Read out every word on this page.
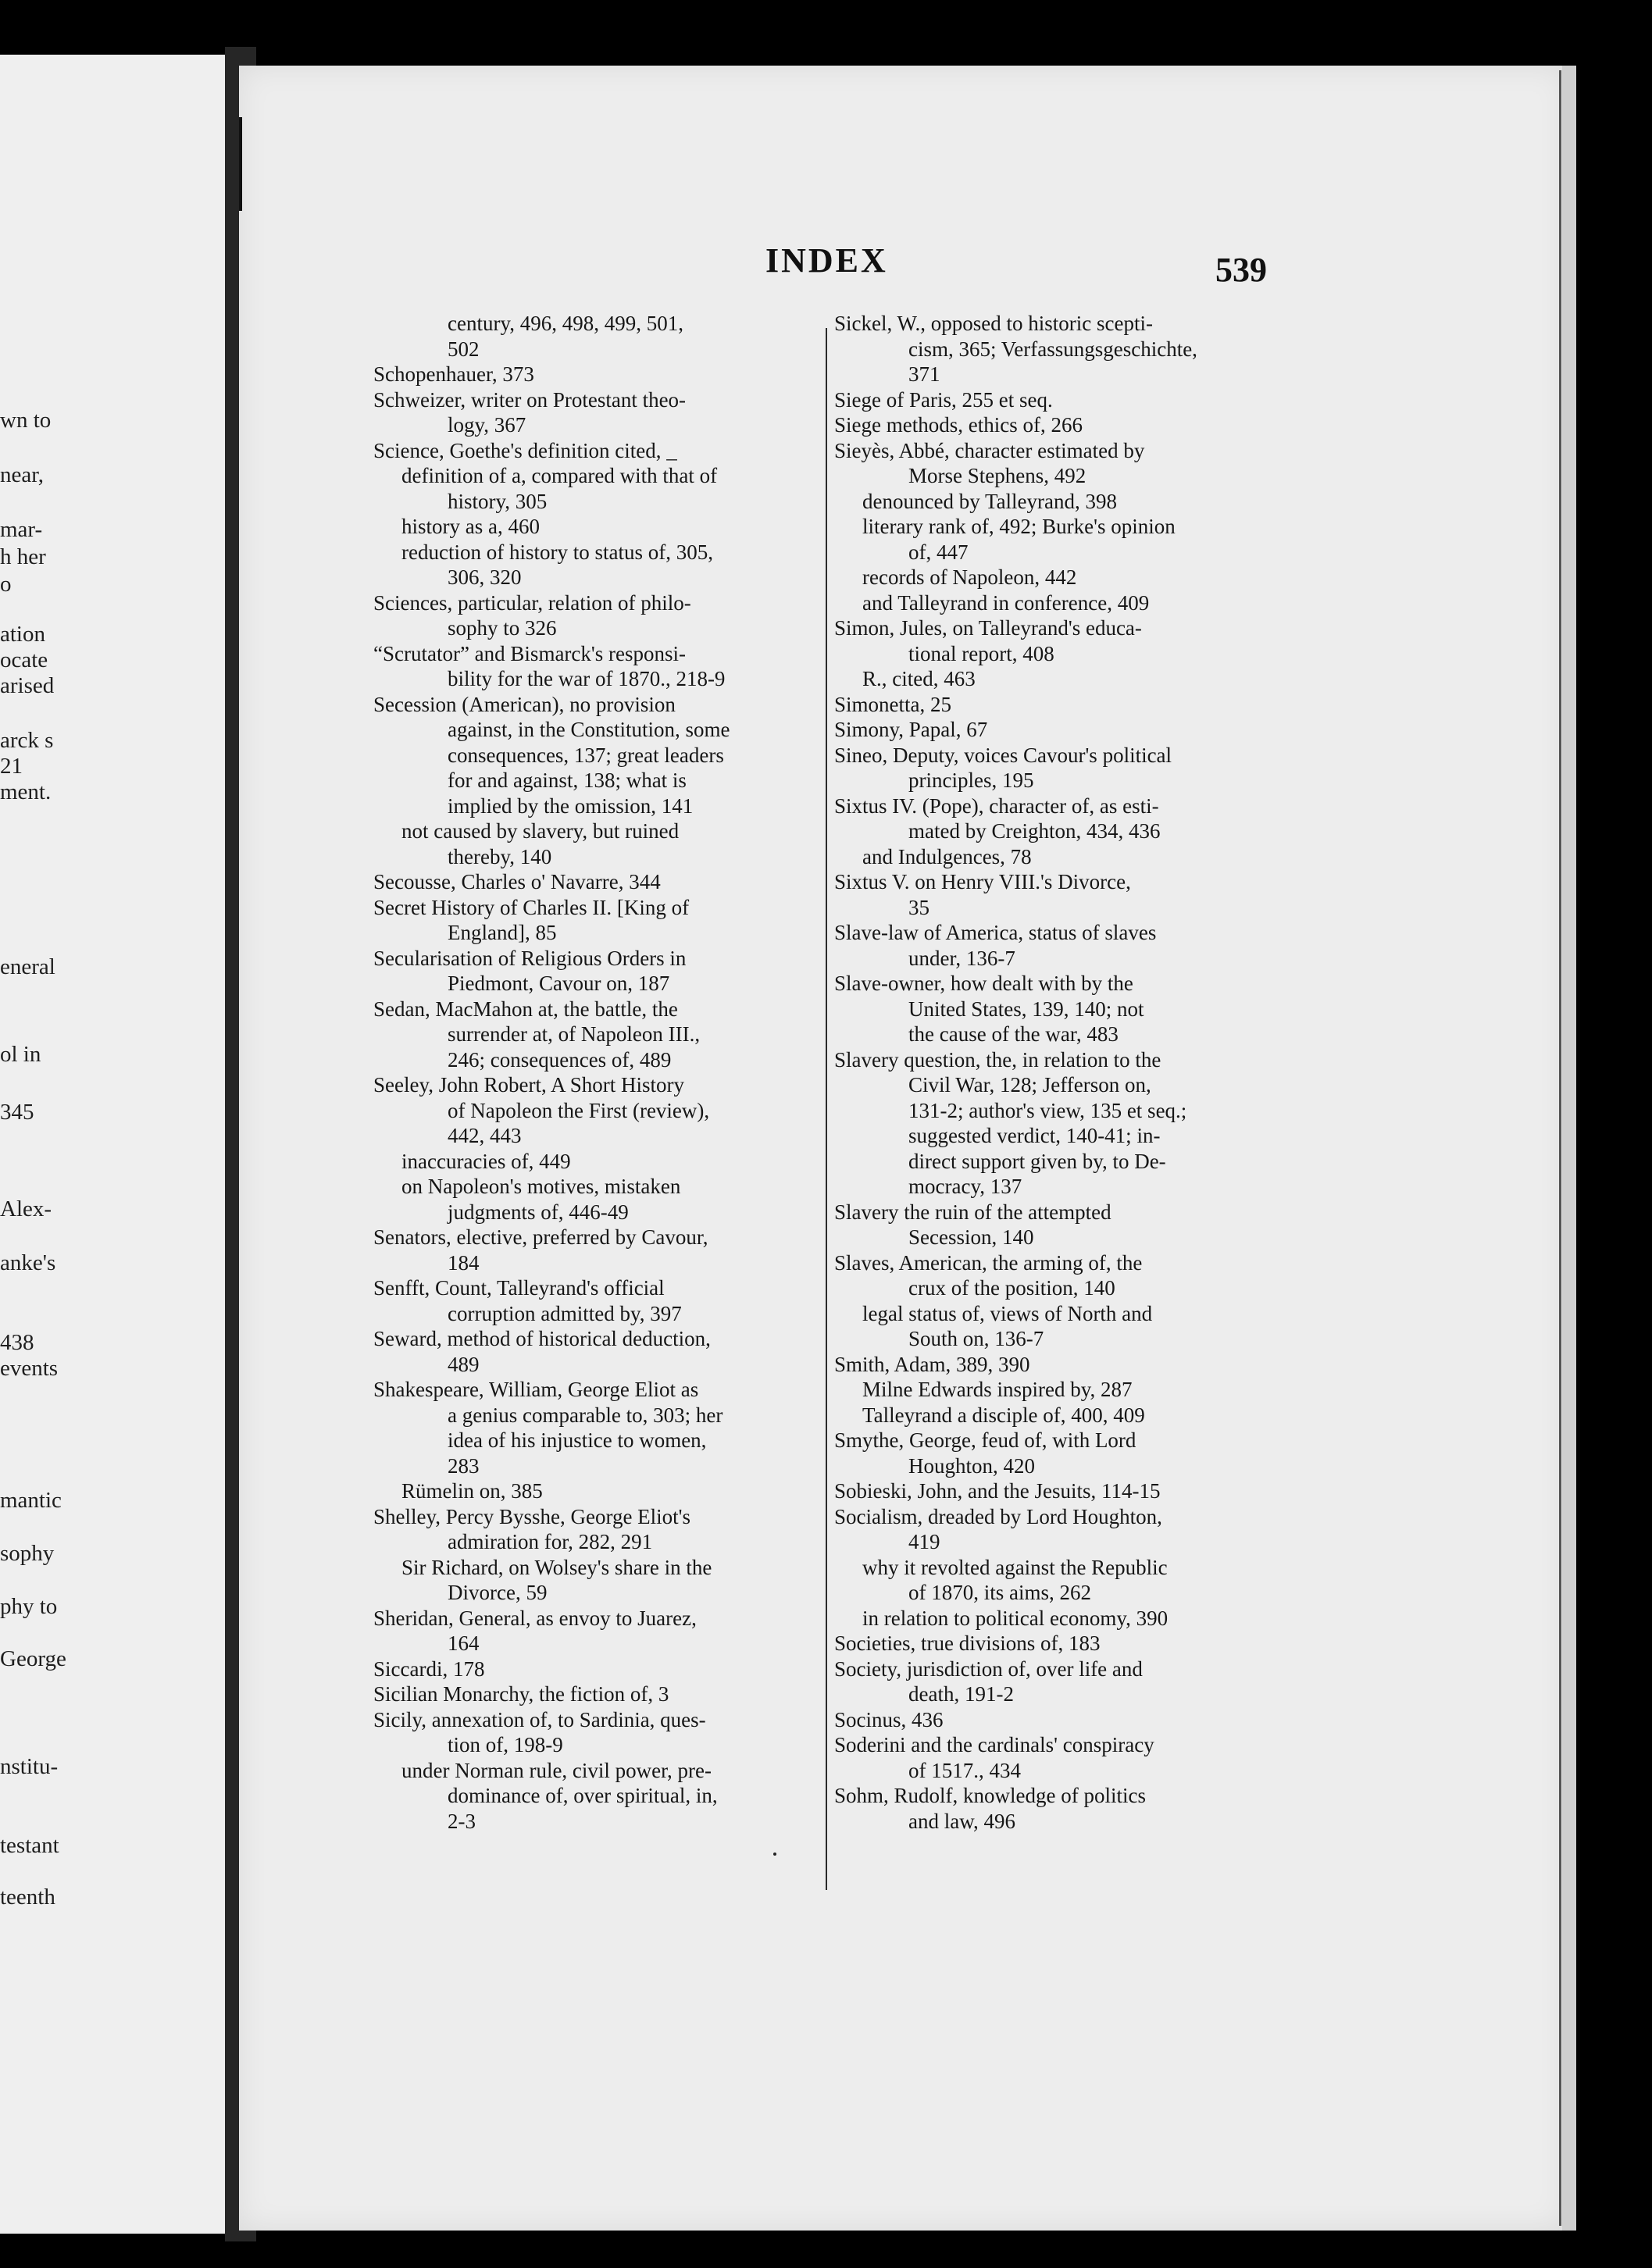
wn to
near,
mar-
h her
o
ation
ocate
arised
arck s
21
ment.
eneral
ol in
345
Alex-
anke's
438
events
mantic
sophy
phy to
George
nstitu-
testant
teenth
INDEX	539
century, 496, 498, 499, 501,
502
Schopenhauer, 373
Schweizer, writer on Protestant theo-
logy, 367
Science, Goethe's definition cited, _
definition of a, compared with that of
history, 305
history as a, 460
reduction of history to status of, 305,
306, 320
Sciences, particular, relation of philo-
sophy to 326
“Scrutator” and Bismarck's responsi-
bility for the war of 1870., 218-9
Secession (American), no provision
against, in the Constitution, some
consequences, 137; great leaders
for and against, 138; what is
implied by the omission, 141
not caused by slavery, but ruined
thereby, 140
Secousse, Charles o' Navarre, 344
Secret History of Charles II. [King of
England], 85
Secularisation of Religious Orders in
Piedmont, Cavour on, 187
Sedan, MacMahon at, the battle, the
surrender at, of Napoleon III.,
246; consequences of, 489
Seeley, John Robert, A Short History
of Napoleon the First (review),
442, 443
inaccuracies of, 449
on Napoleon's motives, mistaken
judgments of, 446-49
Senators, elective, preferred by Cavour,
184
Senfft, Count, Talleyrand's official
corruption admitted by, 397
Seward, method of historical deduction,
489
Shakespeare, William, George Eliot as
a genius comparable to, 303; her
idea of his injustice to women,
283
Rümelin on, 385
Shelley, Percy Bysshe, George Eliot's
admiration for, 282, 291
Sir Richard, on Wolsey's share in the
Divorce, 59
Sheridan, General, as envoy to Juarez,
164
Siccardi, 178
Sicilian Monarchy, the fiction of, 3
Sicily, annexation of, to Sardinia, ques-
tion of, 198-9
under Norman rule, civil power, pre-
dominance of, over spiritual, in,
2-3
Sickel, W., opposed to historic scepti-
cism, 365; Verfassungsgeschichte,
371
Siege of Paris, 255 et seq.
Siege methods, ethics of, 266
Sieyès, Abbé, character estimated by
Morse Stephens, 492
denounced by Talleyrand, 398
literary rank of, 492; Burke's opinion
of, 447
records of Napoleon, 442
and Talleyrand in conference, 409
Simon, Jules, on Talleyrand's educa-
tional report, 408
R., cited, 463
Simonetta, 25
Simony, Papal, 67
Sineo, Deputy, voices Cavour's political
principles, 195
Sixtus IV. (Pope), character of, as esti-
mated by Creighton, 434, 436
and Indulgences, 78
Sixtus V. on Henry VIII.'s Divorce,
35
Slave-law of America, status of slaves
under, 136-7
Slave-owner, how dealt with by the
United States, 139, 140; not
the cause of the war, 483
Slavery question, the, in relation to the
Civil War, 128; Jefferson on,
131-2; author's view, 135 et seq.;
suggested verdict, 140-41; in-
direct support given by, to De-
mocracy, 137
Slavery the ruin of the attempted
Secession, 140
Slaves, American, the arming of, the
crux of the position, 140
legal status of, views of North and
South on, 136-7
Smith, Adam, 389, 390
Milne Edwards inspired by, 287
Talleyrand a disciple of, 400, 409
Smythe, George, feud of, with Lord
Houghton, 420
Sobieski, John, and the Jesuits, 114-15
Socialism, dreaded by Lord Houghton,
419
why it revolted against the Republic
of 1870, its aims, 262
in relation to political economy, 390
Societies, true divisions of, 183
Society, jurisdiction of, over life and
death, 191-2
Socinus, 436
Soderini and the cardinals' conspiracy
of 1517., 434
Sohm, Rudolf, knowledge of politics
and law, 496
